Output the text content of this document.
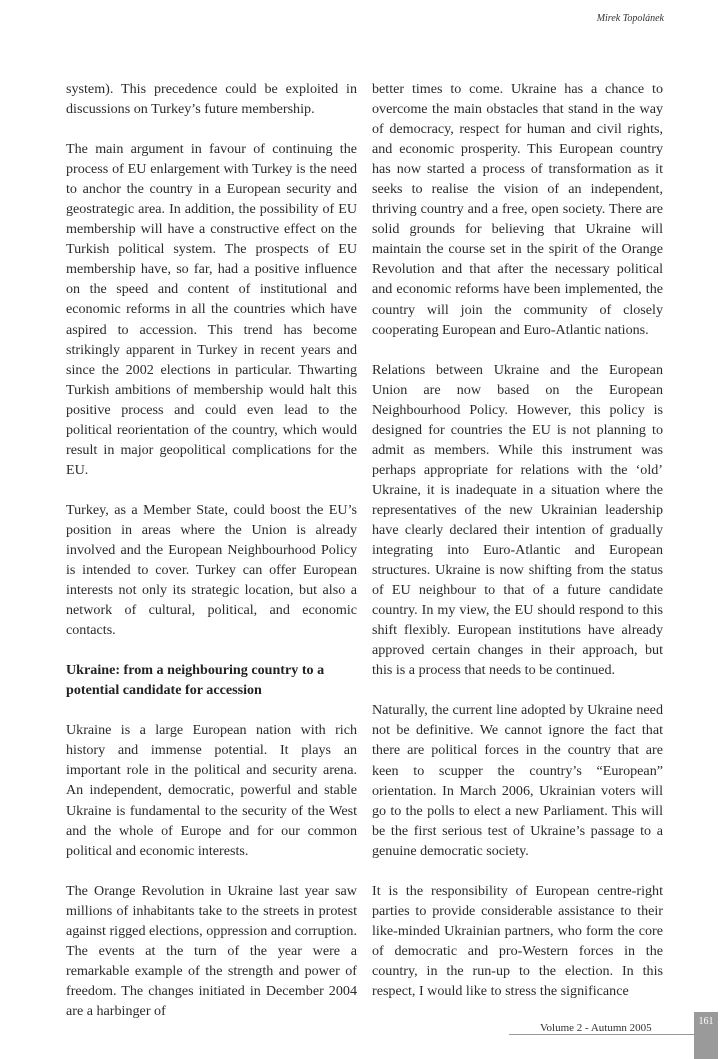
Mirek Topolánek

system). This precedence could be exploited in discussions on Turkey’s future membership.

The main argument in favour of continuing the process of EU enlargement with Turkey is the need to anchor the country in a European security and geostrategic area. In addition, the possibility of EU membership will have a constructive effect on the Turkish political system. The prospects of EU membership have, so far, had a positive influence on the speed and content of institutional and economic reforms in all the countries which have aspired to accession. This trend has become strikingly apparent in Turkey in recent years and since the 2002 elections in particular. Thwarting Turkish ambitions of membership would halt this positive process and could even lead to the political reorientation of the country, which would result in major geopolitical complications for the EU.

Turkey, as a Member State, could boost the EU’s position in areas where the Union is already involved and the European Neighbourhood Policy is intended to cover. Turkey can offer European interests not only its strategic location, but also a network of cultural, political, and economic contacts.

Ukraine: from a neighbouring country to a potential candidate for accession

Ukraine is a large European nation with rich history and immense potential. It plays an important role in the political and security arena. An independent, democratic, powerful and stable Ukraine is fundamental to the security of the West and the whole of Europe and for our common political and economic interests.

The Orange Revolution in Ukraine last year saw millions of inhabitants take to the streets in protest against rigged elections, oppression and corruption. The events at the turn of the year were a remarkable example of the strength and power of freedom. The changes initiated in December 2004 are a harbinger of

better times to come. Ukraine has a chance to overcome the main obstacles that stand in the way of democracy, respect for human and civil rights, and economic prosperity. This European country has now started a process of transformation as it seeks to realise the vision of an independent, thriving country and a free, open society. There are solid grounds for believing that Ukraine will maintain the course set in the spirit of the Orange Revolution and that after the necessary political and economic reforms have been implemented, the country will join the community of closely cooperating European and Euro-Atlantic nations.

Relations between Ukraine and the European Union are now based on the European Neighbourhood Policy. However, this policy is designed for countries the EU is not planning to admit as members. While this instrument was perhaps appropriate for relations with the ‘old’ Ukraine, it is inadequate in a situation where the representatives of the new Ukrainian leadership have clearly declared their intention of gradually integrating into Euro-Atlantic and European structures. Ukraine is now shifting from the status of EU neighbour to that of a future candidate country. In my view, the EU should respond to this shift flexibly. European institutions have already approved certain changes in their approach, but this is a process that needs to be continued.

Naturally, the current line adopted by Ukraine need not be definitive. We cannot ignore the fact that there are political forces in the country that are keen to scupper the country’s “European” orientation. In March 2006, Ukrainian voters will go to the polls to elect a new Parliament. This will be the first serious test of Ukraine’s passage to a genuine democratic society.

It is the responsibility of European centre-right parties to provide considerable assistance to their like-minded Ukrainian partners, who form the core of democratic and pro-Western forces in the country, in the run-up to the election. In this respect, I would like to stress the significance

Volume 2 - Autumn 2005
161
